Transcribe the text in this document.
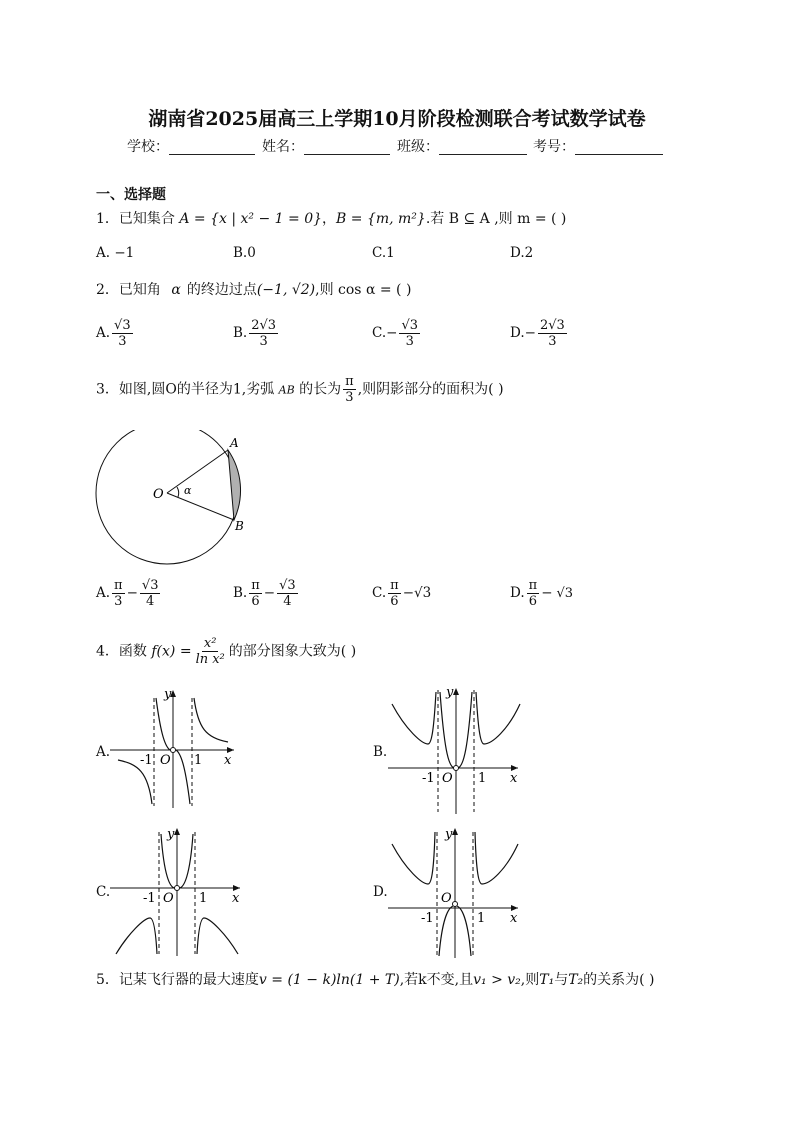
湖南省2025届高三上学期10月阶段检测联合考试数学试卷
学校：	姓名：	班级：	考号：
一、选择题
1．已知集合 A = {x | x² − 1 = 0}，B = {m, m²}.若 B ⊆ A ,则 m = ( )
A. −1	B.0	C.1	D.2
2．已知角 α 的终边过点(−1, √2),则 cos α = ( )
A. $\frac{√3}{3}$	B. $\frac{2√3}{3}$	$C.- \frac{√3}{3}$	$D.- \frac{2√3}{3}$
3．如图,圆O的半径为1,劣弧 AB 的长为 $\frac{\pi}{3}$ ,则阴影部分的面积为( )
O α
A
B
A. $\frac{\pi}{3} - \frac{√3}{4}$	B. $\frac{\pi}{6} - \frac{√3}{4}$	C. $\frac{\pi}{6} -√3$	D. $\frac{\pi}{6} - √3$
4．函数 $f(x) = \frac{\text{x²}}{\text{ln x²}}$ 的部分图象大致为( )
A.
y
x
O
-1	1
B.
y
x
O
-1	1
C.
y
x
O
-1	1	D.
y
x
O
-1	1
5．记某飞行器的最大速度v = (1 − k)ln(1 + T),若k不变,且v₁ > v₂,则T₁与T₂的关系为( )
